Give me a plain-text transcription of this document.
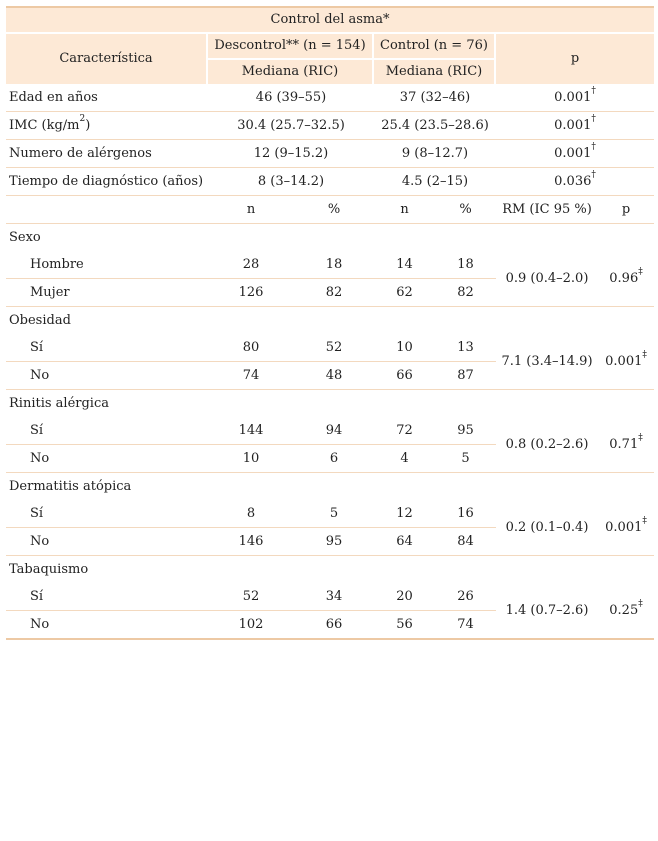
Control del asma*						
Característica	Descontrol** (n = 154)		Control (n = 76)		p	
	Mediana (RIC)		Mediana (RIC)			
Edad en años	46 (39–55)		37 (32–46)		0.001†
IMC $(kg/m^2)$	30.4 (25.7–32.5)		25.4 (23.5–28.6)		0.001†
Numero de alérgenos	12 (9–15.2)		9 (8–12.7)		0.001†
Tiempo de diagnóstico (años)	8 (3–14.2)		4.5 (2–15)		0.036†
	n	%	n	%	RM (IC 95 %)	p
Sexo						
Hombre	28	18	14	18	0.9 (0.4–2.0)	0.96‡
Mujer	126	82	62	82		
Obesidad						
Sí	80	52	10	13	7.1 (3.4–14.9)	0.001‡
No	74	48	66	87		
Rinitis alérgica						
Sí	144	94	72	95	0.8 (0.2–2.6)	0.71‡
No	10	6	4	5		
Dermatitis atópica						
Sí	8	5	12	16	0.2 (0.1–0.4)	0.001‡
No	146	95	64	84		
Tabaquismo						
Sí	52	34	20	26	1.4 (0.7–2.6)	0.25‡
No	102	66	56	74		
